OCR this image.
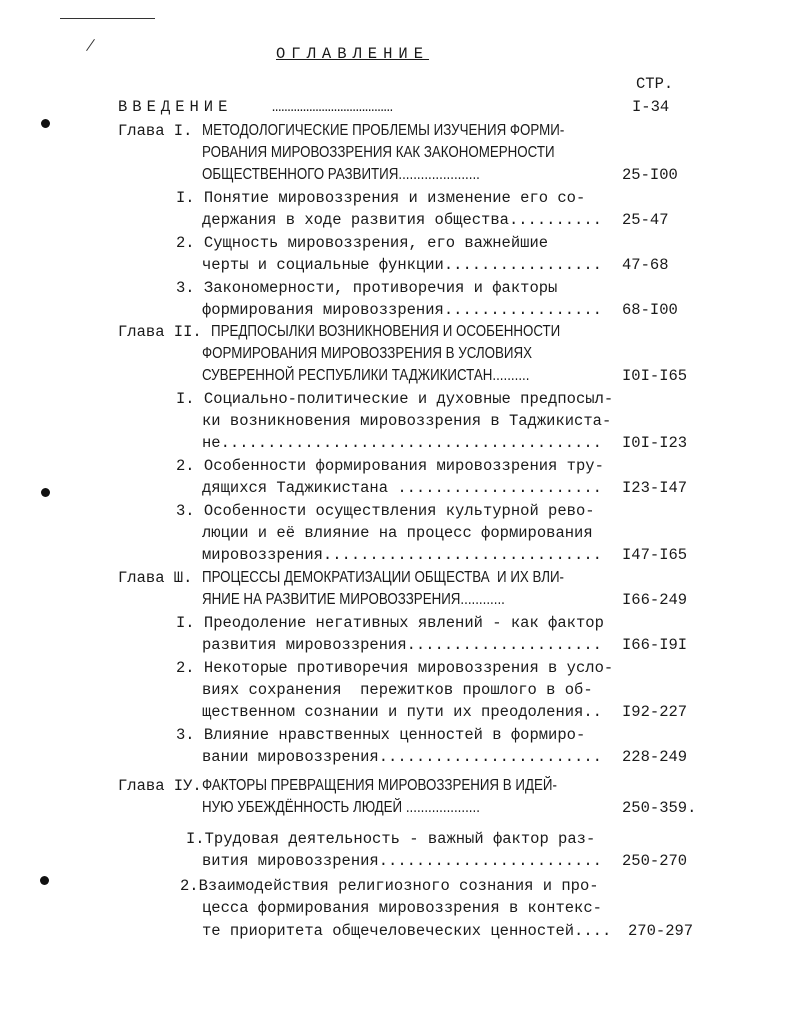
ОГЛАВЛЕНИЕ
СТР.
ВВЕДЕНИЕ	…………………………………	I-34
Глава I. МЕТОДОЛОГИЧЕСКИЕ ПРОБЛЕМЫ ИЗУЧЕНИЯ ФОРМИ-
РОВАНИЯ МИРОВОЗЗРЕНИЯ КАК ЗАКОНОМЕРНОСТИ
ОБЩЕСТВЕННОГО РАЗВИТИЯ......................	25-I00
I. Понятие мировоззрения и изменение его со-
держания в ходе развития общества.......... 25-47
2. Сущность мировоззрения, его важнейшие
черты и социальные функции................. 47-68
3. Закономерности, противоречия и факторы
формирования мировоззрения................. 68-I00
Глава II. ПРЕДПОСЫЛКИ ВОЗНИКНОВЕНИЯ И ОСОБЕННОСТИ
ФОРМИРОВАНИЯ МИРОВОЗЗРЕНИЯ В УСЛОВИЯХ
СУВЕРЕННОЙ РЕСПУБЛИКИ ТАДЖИКИСТАН..........	I0I-I65
I. Социально-политические и духовные предпосыл-
ки возникновения мировоззрения в Таджикиста-
не......................................... I0I-I23
2. Особенности формирования мировоззрения тру-
дящихся Таджикистана ...................... I23-I47
3. Особенности осуществления культурной рево-
люции и её влияние на процесс формирования
мировоззрения.............................. I47-I65
Глава Ш. ПРОЦЕССЫ ДЕМОКРАТИЗАЦИИ ОБЩЕСТВА  И ИХ ВЛИ-
ЯНИЕ НА РАЗВИТИЕ МИРОВОЗЗРЕНИЯ............	I66-249
I. Преодоление негативных явлений - как фактор
развития мировоззрения..................... I66-I9I
2. Некоторые противоречия мировоззрения в усло-
виях сохранения  пережитков прошлого в об-
щественном сознании и пути их преодоления.. I92-227
3. Влияние нравственных ценностей в формиро-
вании мировоззрения........................ 228-249
Глава IУ.ФАКТОРЫ ПРЕВРАЩЕНИЯ МИРОВОЗЗРЕНИЯ В ИДЕЙ-
НУЮ УБЕЖДЁННОСТЬ ЛЮДЕЙ ....................	250-359.
I.Трудовая деятельность - важный фактор раз-
вития мировоззрения........................ 250-270
2.Взаимодействия религиозного сознания и про-
цесса формирования мировоззрения в контекс-
те приоритета общечеловеческих ценностей.... 270-297
